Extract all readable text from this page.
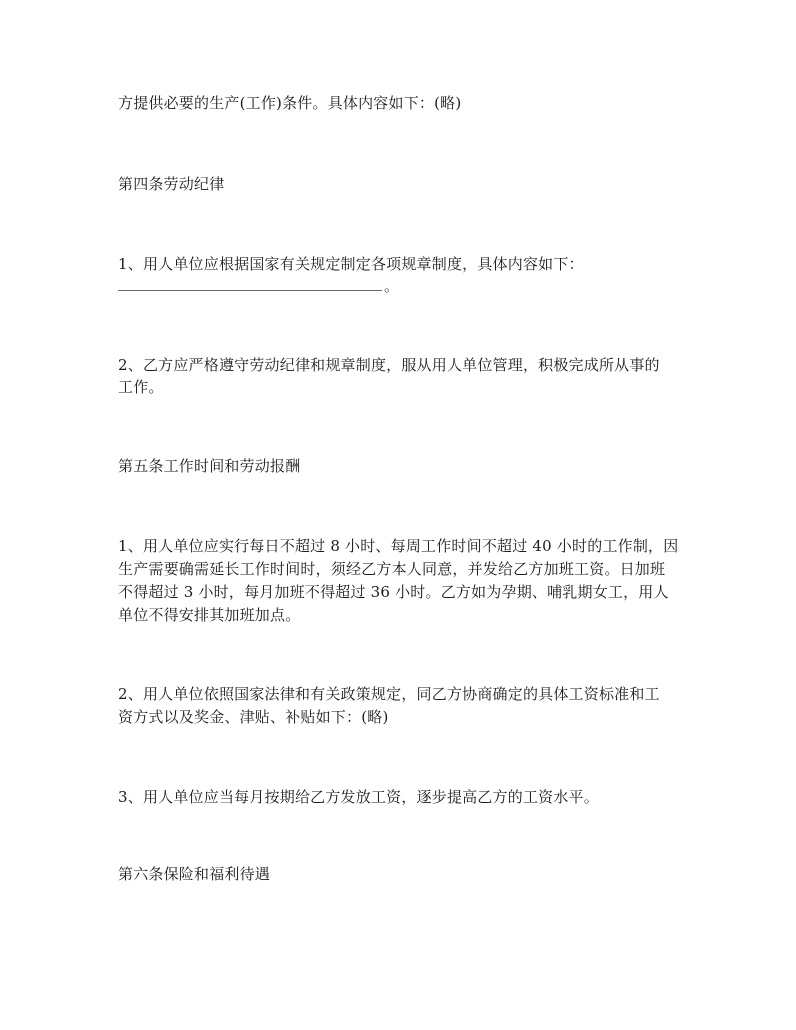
方提供必要的生产(工作)条件。具体内容如下：(略)
第四条劳动纪律
1、用人单位应根据国家有关规定制定各项规章制度，具体内容如下：
。
2、乙方应严格遵守劳动纪律和规章制度，服从用人单位管理，积极完成所从事的
工作。
第五条工作时间和劳动报酬
1、用人单位应实行每日不超过 8 小时、每周工作时间不超过 40 小时的工作制，因
生产需要确需延长工作时间时，须经乙方本人同意，并发给乙方加班工资。日加班
不得超过 3 小时，每月加班不得超过 36 小时。乙方如为孕期、哺乳期女工，用人
单位不得安排其加班加点。
2、用人单位依照国家法律和有关政策规定，同乙方协商确定的具体工资标准和工
资方式以及奖金、津贴、补贴如下：(略)
3、用人单位应当每月按期给乙方发放工资，逐步提高乙方的工资水平。
第六条保险和福利待遇
